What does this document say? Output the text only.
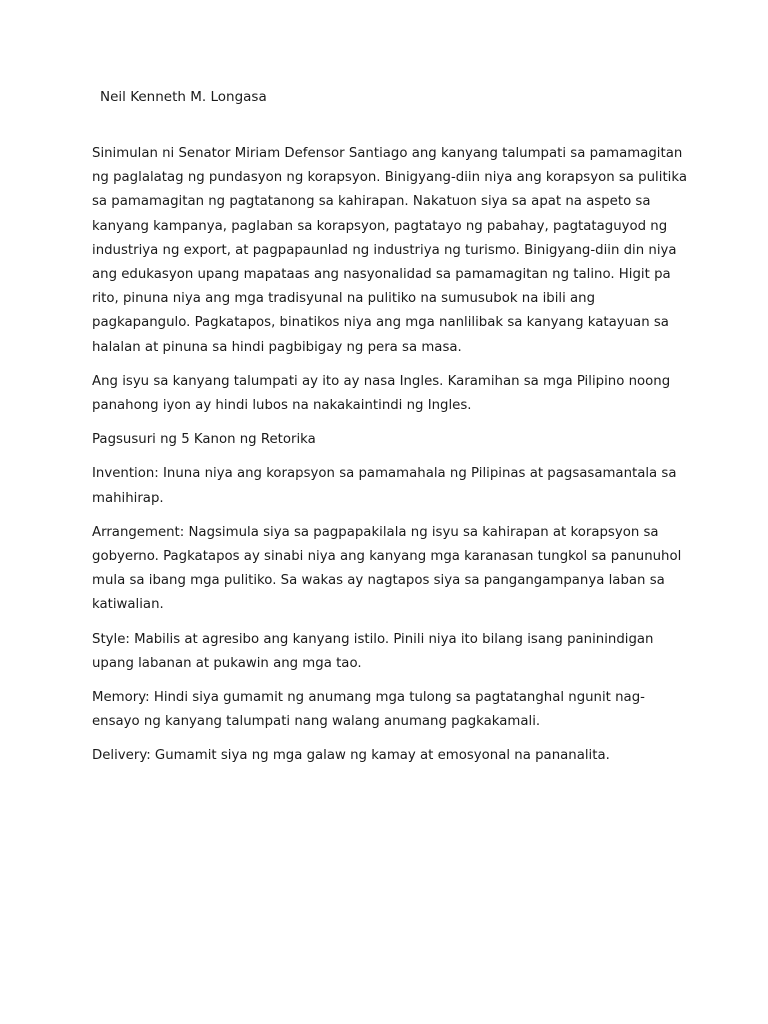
Neil Kenneth M. Longasa

Sinimulan ni Senator Miriam Defensor Santiago ang kanyang talumpati sa pamamagitan ng paglalatag ng pundasyon ng korapsyon. Binigyang-diin niya ang korapsyon sa pulitika sa pamamagitan ng pagtatanong sa kahirapan. Nakatuon siya sa apat na aspeto sa kanyang kampanya, paglaban sa korapsyon, pagtatayo ng pabahay, pagtataguyod ng industriya ng export, at pagpapaunlad ng industriya ng turismo. Binigyang-diin din niya ang edukasyon upang mapataas ang nasyonalidad sa pamamagitan ng talino. Higit pa rito, pinuna niya ang mga tradisyunal na pulitiko na sumusubok na ibili ang pagkapangulo. Pagkatapos, binatikos niya ang mga nanlilibak sa kanyang katayuan sa halalan at pinuna sa hindi pagbibigay ng pera sa masa.

Ang isyu sa kanyang talumpati ay ito ay nasa Ingles. Karamihan sa mga Pilipino noong panahong iyon ay hindi lubos na nakakaintindi ng Ingles.

Pagsusuri ng 5 Kanon ng Retorika

Invention: Inuna niya ang korapsyon sa pamamahala ng Pilipinas at pagsasamantala sa mahihirap.

Arrangement: Nagsimula siya sa pagpapakilala ng isyu sa kahirapan at korapsyon sa gobyerno. Pagkatapos ay sinabi niya ang kanyang mga karanasan tungkol sa panunuhol mula sa ibang mga pulitiko. Sa wakas ay nagtapos siya sa pangangampanya laban sa katiwalian.

Style: Mabilis at agresibo ang kanyang istilo. Pinili niya ito bilang isang paninindigan upang labanan at pukawin ang mga tao.

Memory: Hindi siya gumamit ng anumang mga tulong sa pagtatanghal ngunit nag-ensayo ng kanyang talumpati nang walang anumang pagkakamali.

Delivery: Gumamit siya ng mga galaw ng kamay at emosyonal na pananalita.
